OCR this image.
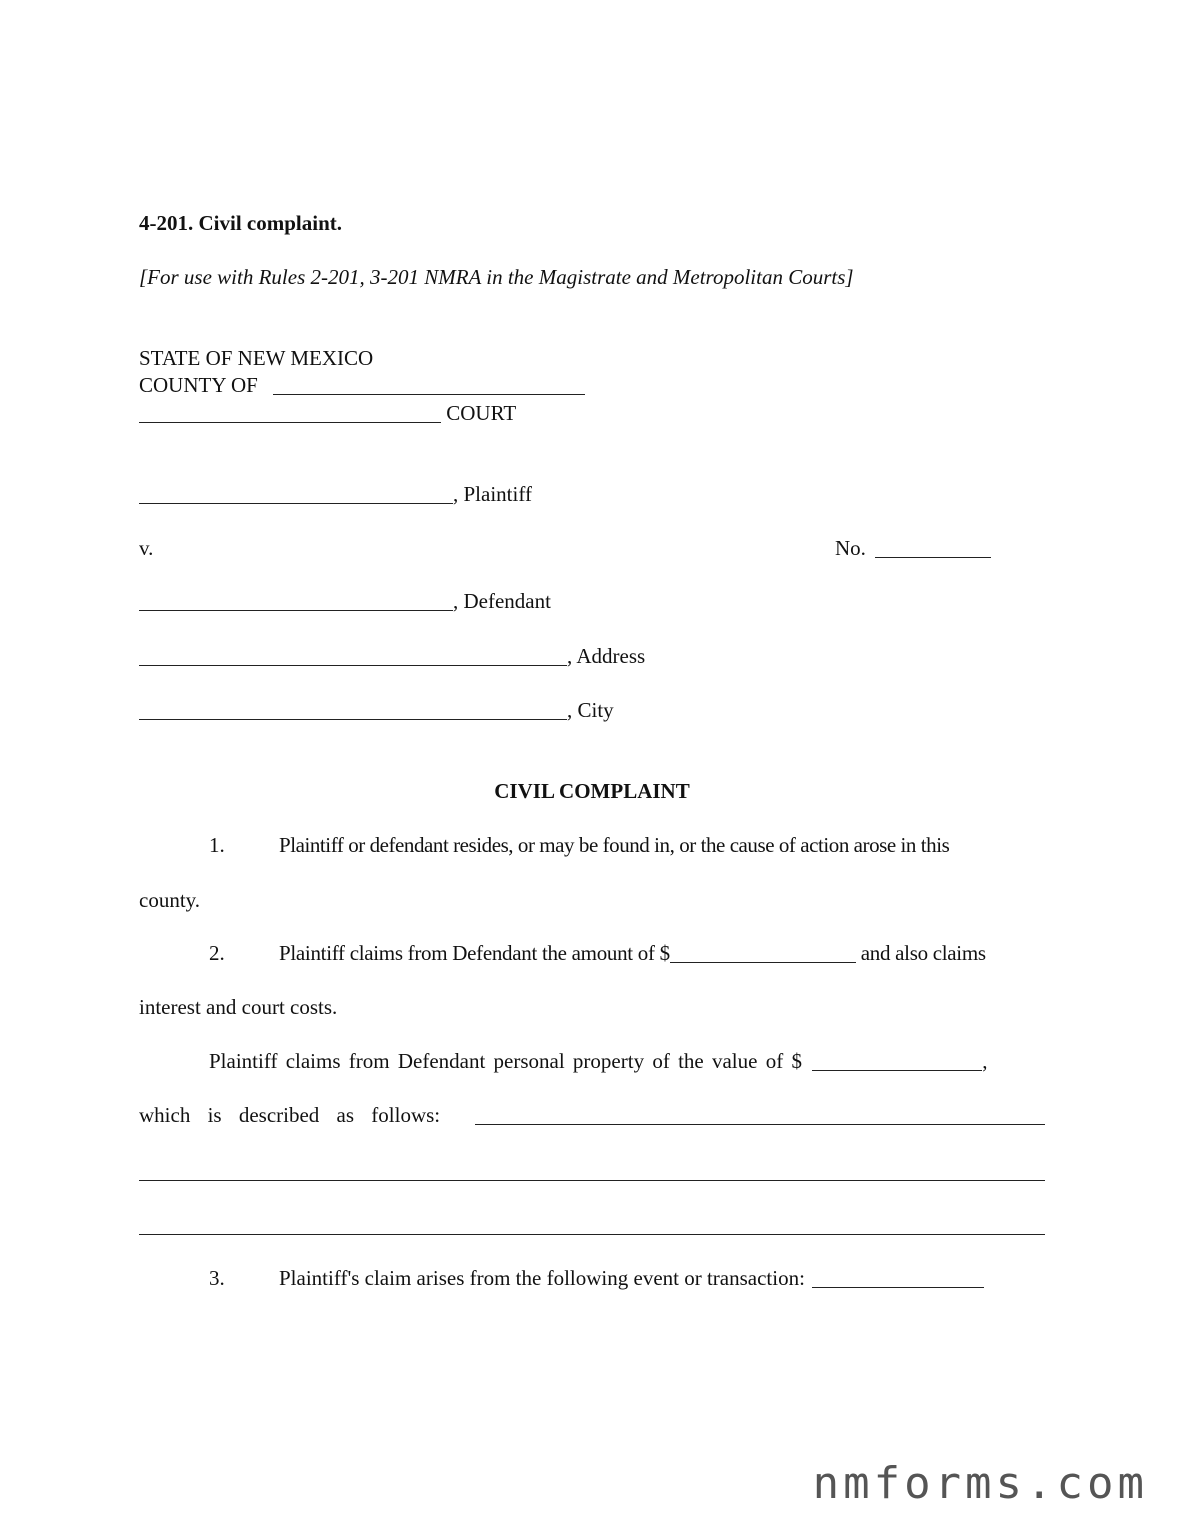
4-201. Civil complaint.
[For use with Rules 2-201, 3-201 NMRA in the Magistrate and Metropolitan Courts]
STATE OF NEW MEXICO
COUNTY OF
COURT
, Plaintiff
v.	No.
, Defendant
, Address
, City
CIVIL COMPLAINT
1.	Plaintiff or defendant resides, or may be found in, or the cause of action arose in this
county.
2.	Plaintiff claims from Defendant the amount of $	and also claims
interest and court costs.
Plaintiff claims from Defendant personal property of the value of $	,
which is described as follows:
3.	Plaintiff's claim arises from the following event or transaction:
nmforms.com
